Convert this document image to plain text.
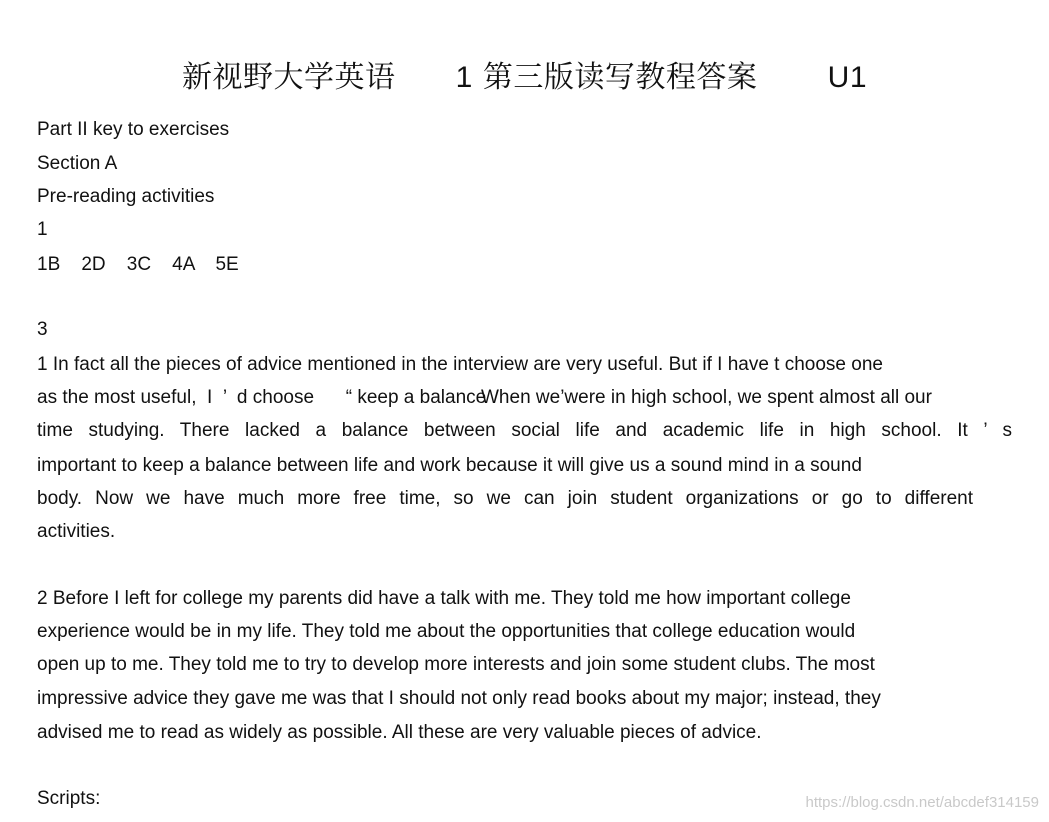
新视野大学英语 1 第三版读写教程答案 U1
Part II key to exercises
Section A
Pre-reading activities
1
1B    2D    3C    4A    5E
3
1 In fact all the pieces of advice mentioned in the interview are very useful. But if I have t choose one
as the most useful,  I  ’  d choose      “ keep a balance
When we’were in high school, we spent almost all our
time studying. There lacked a balance between social life and academic life in high school. It ’ s
important to keep a balance between life and work because it will give us a sound mind in a sound
body. Now we have much more free time, so we can join student organizations or go to different
activities.
2 Before I left for college my parents did have a talk with me. They told me how important college
experience would be in my life. They told me about the opportunities that college education would
open up to me. They told me to try to develop more interests and join some student clubs. The most
impressive advice they gave me was that I should not only read books about my major; instead, they
advised me to read as widely as possible. All these are very valuable pieces of advice.
Scripts:	https://blog.csdn.net/abcdef314159
